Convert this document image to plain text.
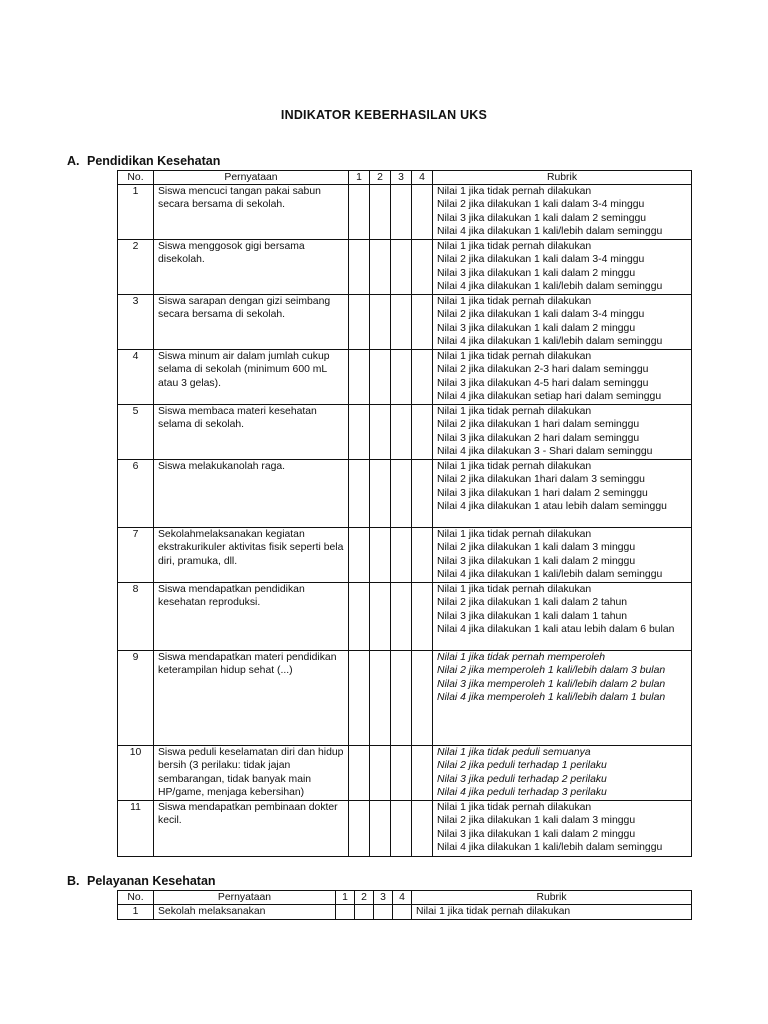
INDIKATOR KEBERHASILAN UKS
A. Pendidikan Kesehatan
No.	Pernyataan	1	2	3	4	Rubrik
1	Siswa mencuci tangan pakai sabun secara bersama di sekolah.					Nilai 1 jika tidak pernah dilakukan
Nilai 2 jika dilakukan 1 kali dalam 3-4 minggu
Nilai 3 jika dilakukan 1 kali dalam 2 seminggu
Nilai 4 jika dilakukan 1 kali/lebih dalam seminggu

2	Siswa menggosok gigi bersama disekolah.					Nilai 1 jika tidak pernah dilakukan
Nilai 2 jika dilakukan 1 kali dalam 3-4 minggu
Nilai 3 jika dilakukan 1 kali dalam 2 minggu
Nilai 4 jika dilakukan 1 kali/lebih dalam seminggu

3	Siswa sarapan dengan gizi seimbang secara bersama di sekolah.					Nilai 1 jika tidak pernah dilakukan
Nilai 2 jika dilakukan 1 kali dalam 3-4 minggu
Nilai 3 jika dilakukan 1 kali dalam 2 minggu
Nilai 4 jika dilakukan 1 kali/lebih dalam seminggu

4	Siswa minum air dalam jumlah cukup selama di sekolah (minimum 600 mL atau 3 gelas).					Nilai 1 jika tidak pernah dilakukan
Nilai 2 jika dilakukan 2-3 hari dalam seminggu
Nilai 3 jika dilakukan 4-5 hari dalam seminggu
Nilai 4 jika dilakukan setiap hari dalam seminggu

5	Siswa membaca materi kesehatan selama di sekolah.					Nilai 1 jika tidak pernah dilakukan
Nilai 2 jika dilakukan 1 hari dalam seminggu
Nilai 3 jika dilakukan 2 hari dalam seminggu
Nilai 4 jika dilakukan 3 - Shari dalam seminggu

6	Siswa melakukanolah raga.					Nilai 1 jika tidak pernah dilakukan
Nilai 2 jika dilakukan 1hari dalam 3 seminggu
Nilai 3 jika dilakukan 1 hari dalam 2 seminggu
Nilai 4 jika dilakukan 1 atau lebih dalam seminggu

7	Sekolahmelaksanakan kegiatan ekstrakurikuler aktivitas fisik seperti bela diri, pramuka, dll.					Nilai 1 jika tidak pernah dilakukan
Nilai 2 jika dilakukan 1 kali dalam 3 minggu
Nilai 3 jika dilakukan 1 kali dalam 2 minggu
Nilai 4 jika dilakukan 1 kali/lebih dalam seminggu

8	Siswa mendapatkan pendidikan kesehatan reproduksi.					Nilai 1 jika tidak pernah dilakukan
Nilai 2 jika dilakukan 1 kali dalam 2 tahun
Nilai 3 jika dilakukan 1 kali dalam 1 tahun
Nilai 4 jika dilakukan 1 kali atau lebih dalam 6 bulan

9	Siswa mendapatkan materi pendidikan keterampilan hidup sehat (...)					Nilai 1 jika tidak pernah memperoleh
Nilai 2 jika memperoleh 1 kali/lebih dalam 3 bulan
Nilai 3 jika memperoleh 1 kali/lebih dalam 2 bulan
Nilai 4 jika memperoleh 1 kali/lebih dalam 1 bulan

10	Siswa peduli keselamatan diri dan hidup bersih (3 perilaku: tidak jajan sembarangan, tidak banyak main HP/game, menjaga kebersihan)					Nilai 1 jika tidak peduli semuanya
Nilai 2 jika peduli terhadap 1 perilaku
Nilai 3 jika peduli terhadap 2 perilaku
Nilai 4 jika peduli terhadap 3 perilaku

11	Siswa mendapatkan pembinaan dokter kecil.					Nilai 1 jika tidak pernah dilakukan
Nilai 2 jika dilakukan 1 kali dalam 3 minggu
Nilai 3 jika dilakukan 1 kali dalam 2 minggu
Nilai 4 jika dilakukan 1 kali/lebih dalam seminggu
B. Pelayanan Kesehatan
No.	Pernyataan	1	2	3	4	Rubrik
1	Sekolah melaksanakan					Nilai 1 jika tidak pernah dilakukan
